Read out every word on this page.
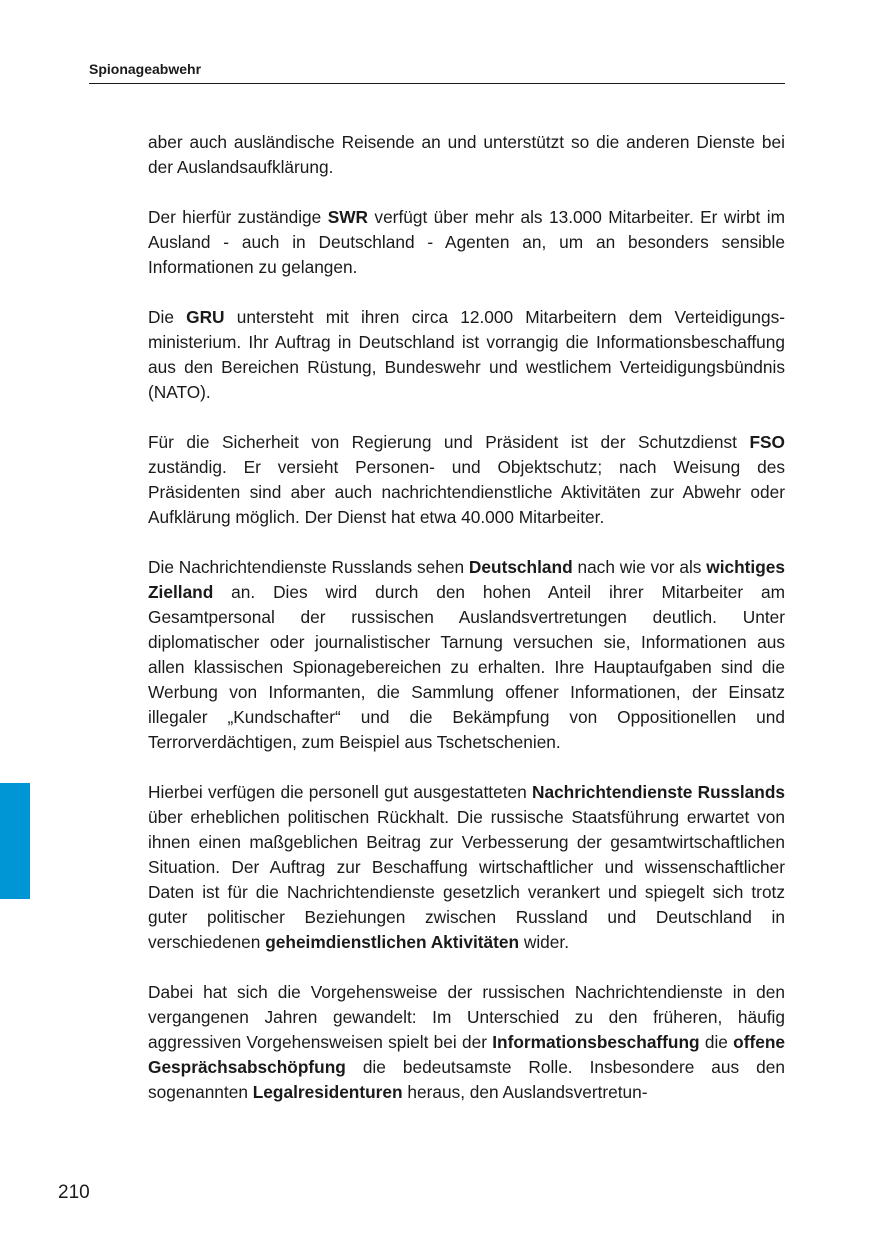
Spionageabwehr

aber auch ausländische Reisende an und unterstützt so die anderen Dienste bei der Auslandsaufklärung.

Der hierfür zuständige SWR verfügt über mehr als 13.000 Mitarbeiter. Er wirbt im Ausland - auch in Deutschland - Agenten an, um an besonders sensible Informationen zu gelangen.

Die GRU untersteht mit ihren circa 12.000 Mitarbeitern dem Verteidigungsministerium. Ihr Auftrag in Deutschland ist vorrangig die Informationsbeschaffung aus den Bereichen Rüstung, Bundeswehr und westlichem Verteidigungsbündnis (NATO).

Für die Sicherheit von Regierung und Präsident ist der Schutzdienst FSO zuständig. Er versieht Personen- und Objektschutz; nach Weisung des Präsidenten sind aber auch nachrichtendienstliche Aktivitäten zur Abwehr oder Aufklärung möglich. Der Dienst hat etwa 40.000 Mitarbeiter.

Die Nachrichtendienste Russlands sehen Deutschland nach wie vor als wichtiges Zielland an. Dies wird durch den hohen Anteil ihrer Mitarbeiter am Gesamtpersonal der russischen Auslandsvertretungen deutlich. Unter diplomatischer oder journalistischer Tarnung versuchen sie, Informationen aus allen klassischen Spionagebereichen zu erhalten. Ihre Hauptaufgaben sind die Werbung von Informanten, die Sammlung offener Informationen, der Einsatz illegaler „Kundschafter“ und die Bekämpfung von Oppositionellen und Terrorverdächtigen, zum Beispiel aus Tschetschenien.

Hierbei verfügen die personell gut ausgestatteten Nachrichtendienste Russlands über erheblichen politischen Rückhalt. Die russische Staatsführung erwartet von ihnen einen maßgeblichen Beitrag zur Verbesserung der gesamtwirtschaftlichen Situation. Der Auftrag zur Beschaffung wirtschaftlicher und wissenschaftlicher Daten ist für die Nachrichtendienste gesetzlich verankert und spiegelt sich trotz guter politischer Beziehungen zwischen Russland und Deutschland in verschiedenen geheimdienstlichen Aktivitäten wider.

Dabei hat sich die Vorgehensweise der russischen Nachrichtendienste in den vergangenen Jahren gewandelt: Im Unterschied zu den früheren, häufig aggressiven Vorgehensweisen spielt bei der Informationsbeschaffung die offene Gesprächsabschöpfung die bedeutsamste Rolle. Insbesondere aus den sogenannten Legalresidenturen heraus, den Auslandsvertretun-

210
